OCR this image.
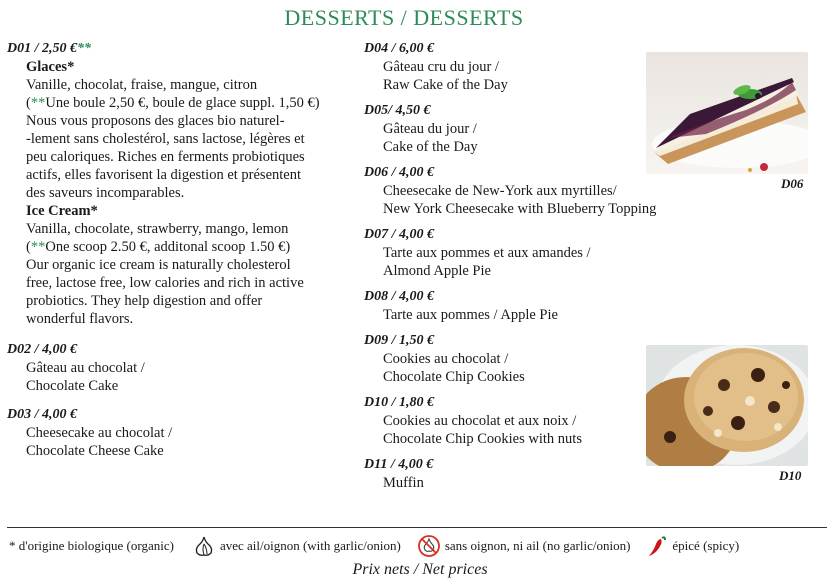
DESSERTS / DESSERTS
D01 / 2,50 €**
Glaces*
Vanille, chocolat, fraise, mangue, citron
(**Une boule 2,50 €, boule de glace suppl. 1,50 €)
Nous vous proposons des glaces bio naturel-
-lement sans cholestérol, sans lactose, légères et
peu caloriques. Riches en ferments probiotiques
actifs, elles favorisent la digestion et présentent
des saveurs incomparables.
Ice Cream*
Vanilla, chocolate, strawberry, mango, lemon
(**One scoop 2.50 €, additonal scoop 1.50 €)
Our organic ice cream is naturally cholesterol
free, lactose free, low calories and rich in active
probiotics. They help digestion and offer
wonderful flavors.
D02 / 4,00 €
Gâteau au chocolat /
Chocolate Cake
D03 / 4,00 €
Cheesecake au chocolat /
Chocolate Cheese Cake
D04 / 6,00 €
Gâteau cru du jour /
Raw Cake of the Day
D05/ 4,50 €
Gâteau du jour /
Cake of the Day
D06 / 4,00 €
Cheesecake de New-York aux myrtilles/
New York Cheesecake with Blueberry Topping
D07 / 4,00 €
Tarte aux pommes et aux amandes /
Almond Apple Pie
D08 / 4,00 €
Tarte aux pommes / Apple Pie
D09 / 1,50 €
Cookies au chocolat /
Chocolate Chip Cookies
D10 / 1,80 €
Cookies au chocolat et aux noix /
Chocolate Chip Cookies with nuts
D11 / 4,00 €
Muffin
D06
D10
* d'origine biologique (organic)	avec ail/oignon (with garlic/onion)	sans oignon, ni ail (no garlic/onion)	épicé (spicy)
Prix nets / Net prices
